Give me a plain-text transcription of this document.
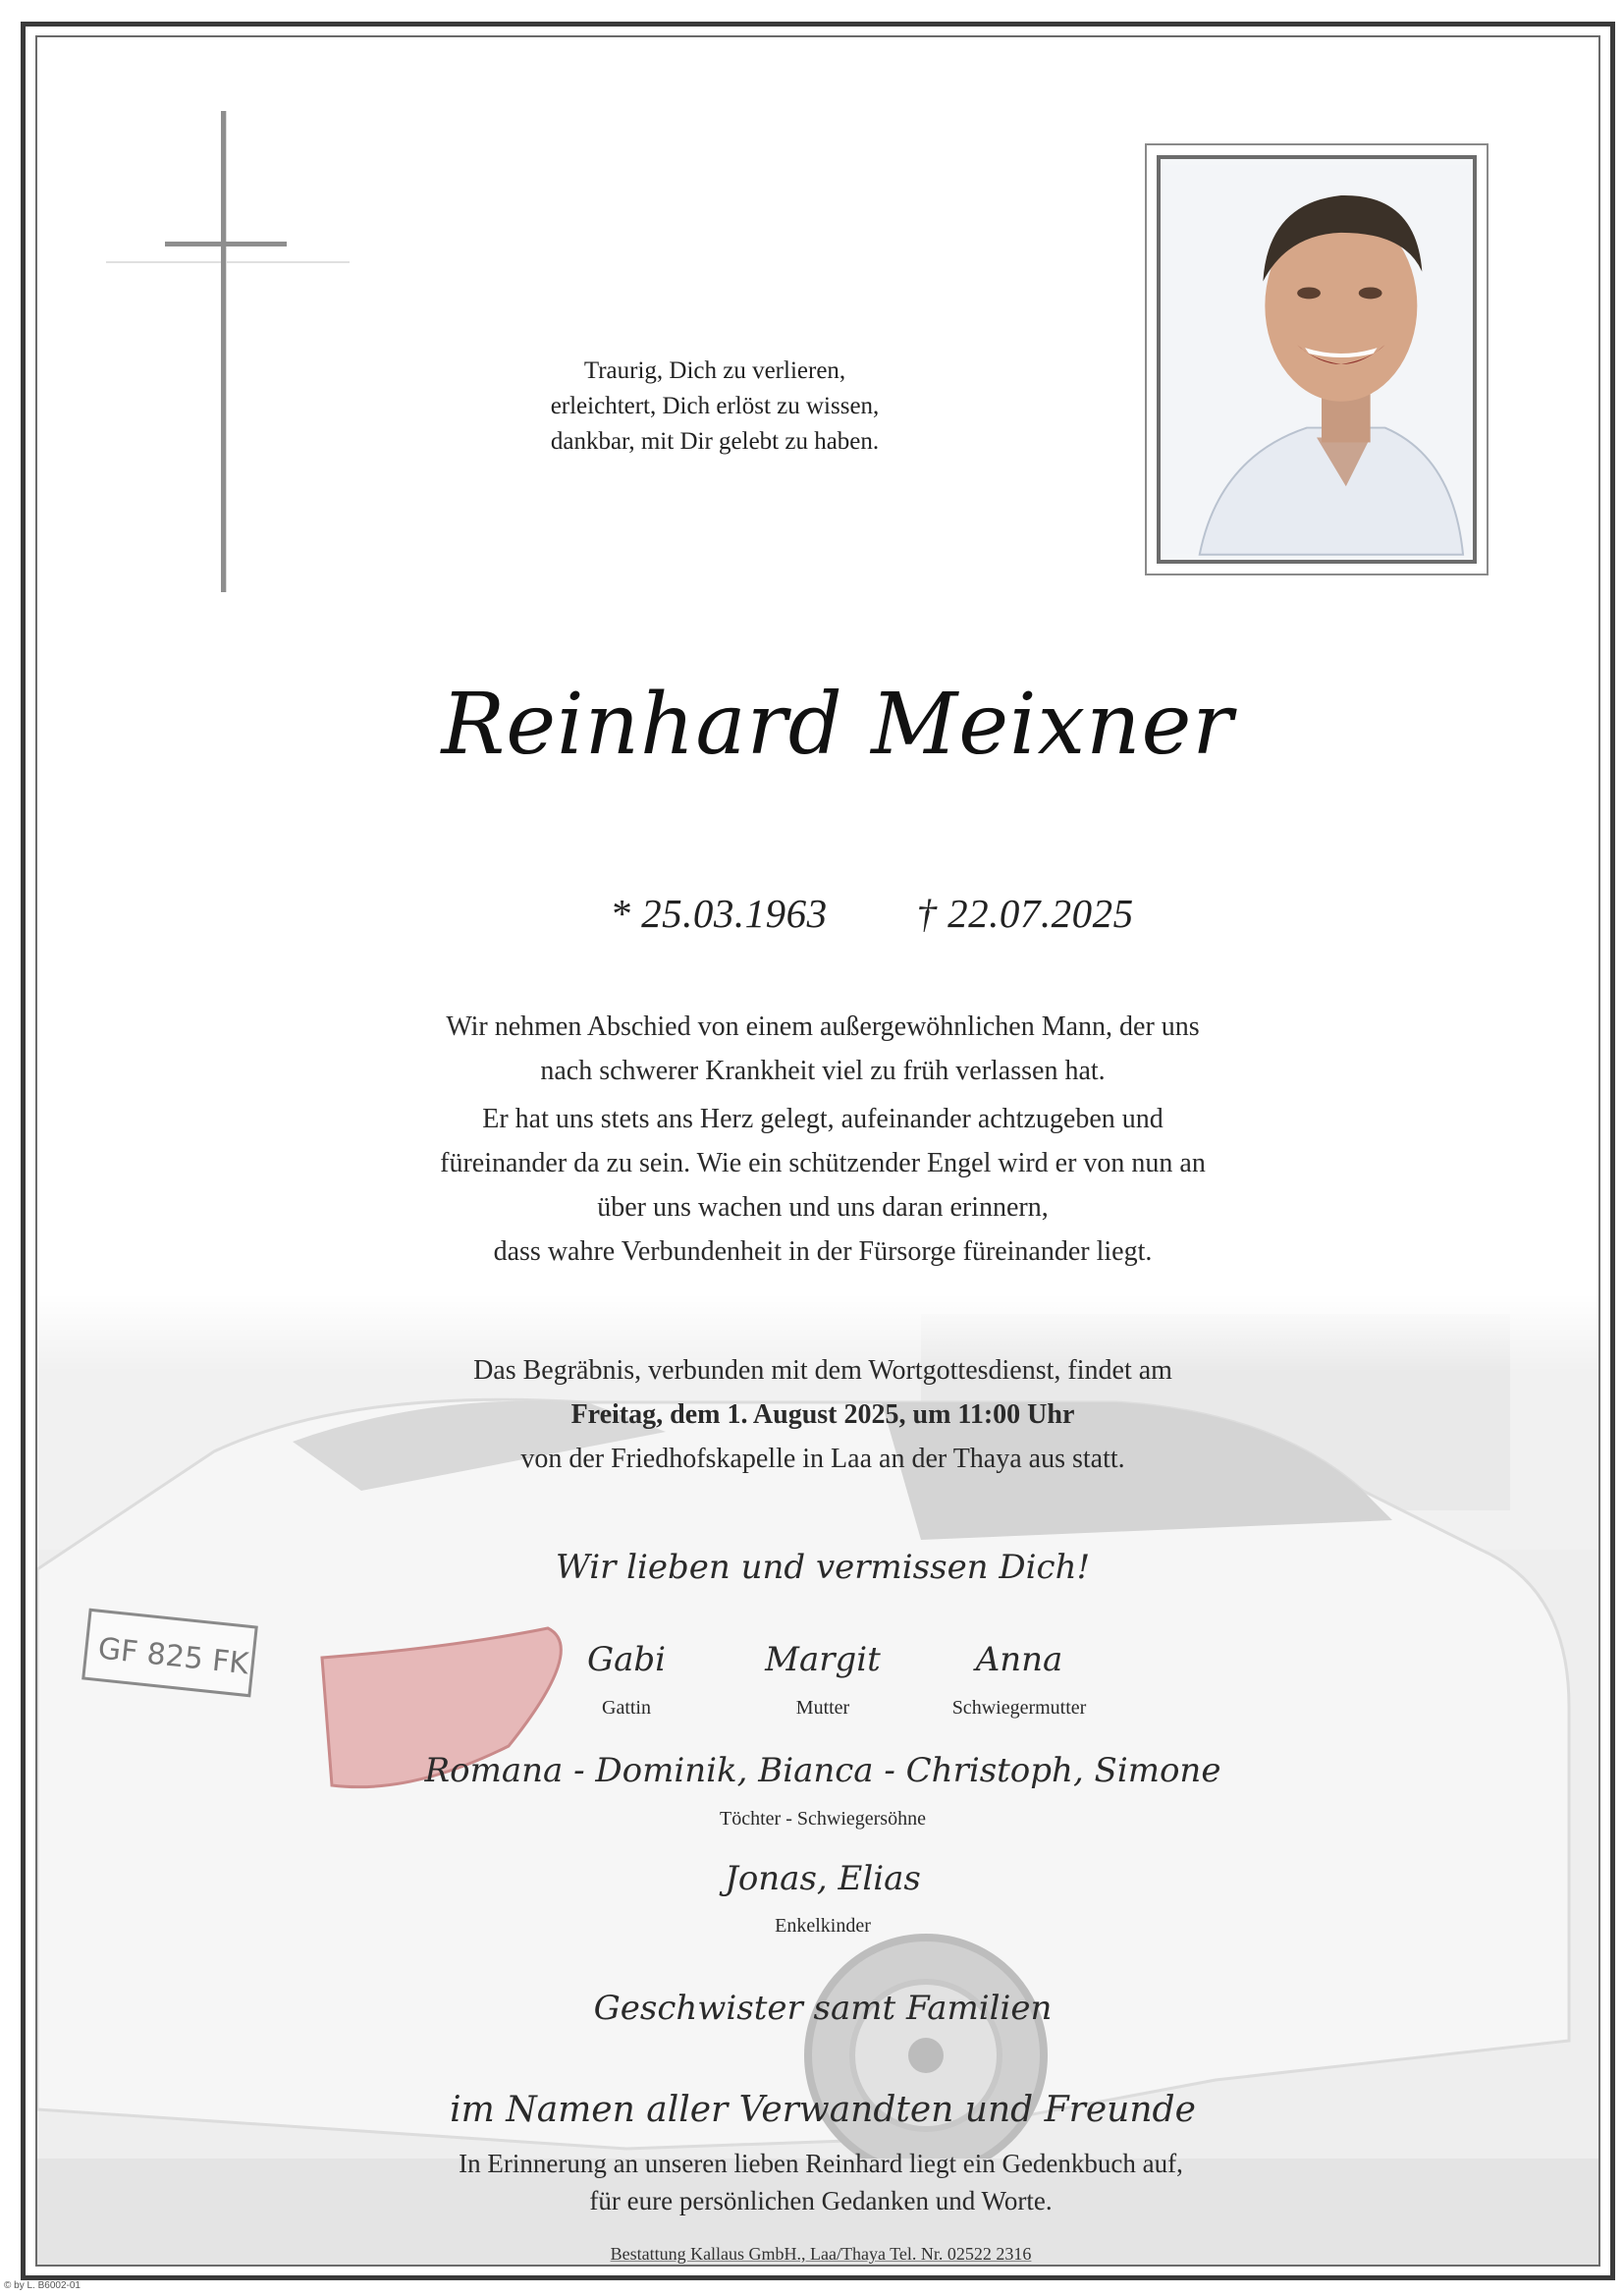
Traurig, Dich zu verlieren,
erleichtert, Dich erlöst zu wissen,
dankbar, mit Dir gelebt zu haben.
Reinhard Meixner
* 25.03.1963 † 22.07.2025
Wir nehmen Abschied von einem außergewöhnlichen Mann, der uns
nach schwerer Krankheit viel zu früh verlassen hat.
Er hat uns stets ans Herz gelegt, aufeinander achtzugeben und
füreinander da zu sein. Wie ein schützender Engel wird er von nun an
über uns wachen und uns daran erinnern,
dass wahre Verbundenheit in der Fürsorge füreinander liegt.
Das Begräbnis, verbunden mit dem Wortgottesdienst, findet am
Freitag, dem 1. August 2025, um 11:00 Uhr
von der Friedhofskapelle in Laa an der Thaya aus statt.
Wir lieben und vermissen Dich!
Gabi
Gattin
Margit
Mutter
Anna
Schwiegermutter
Romana - Dominik, Bianca - Christoph, Simone
Töchter - Schwiegersöhne
Jonas, Elias
Enkelkinder
Geschwister samt Familien
im Namen aller Verwandten und Freunde
In Erinnerung an unseren lieben Reinhard liegt ein Gedenkbuch auf,
für eure persönlichen Gedanken und Worte.
Bestattung Kallaus GmbH., Laa/Thaya Tel. Nr. 02522 2316
© by L. B6002-01
